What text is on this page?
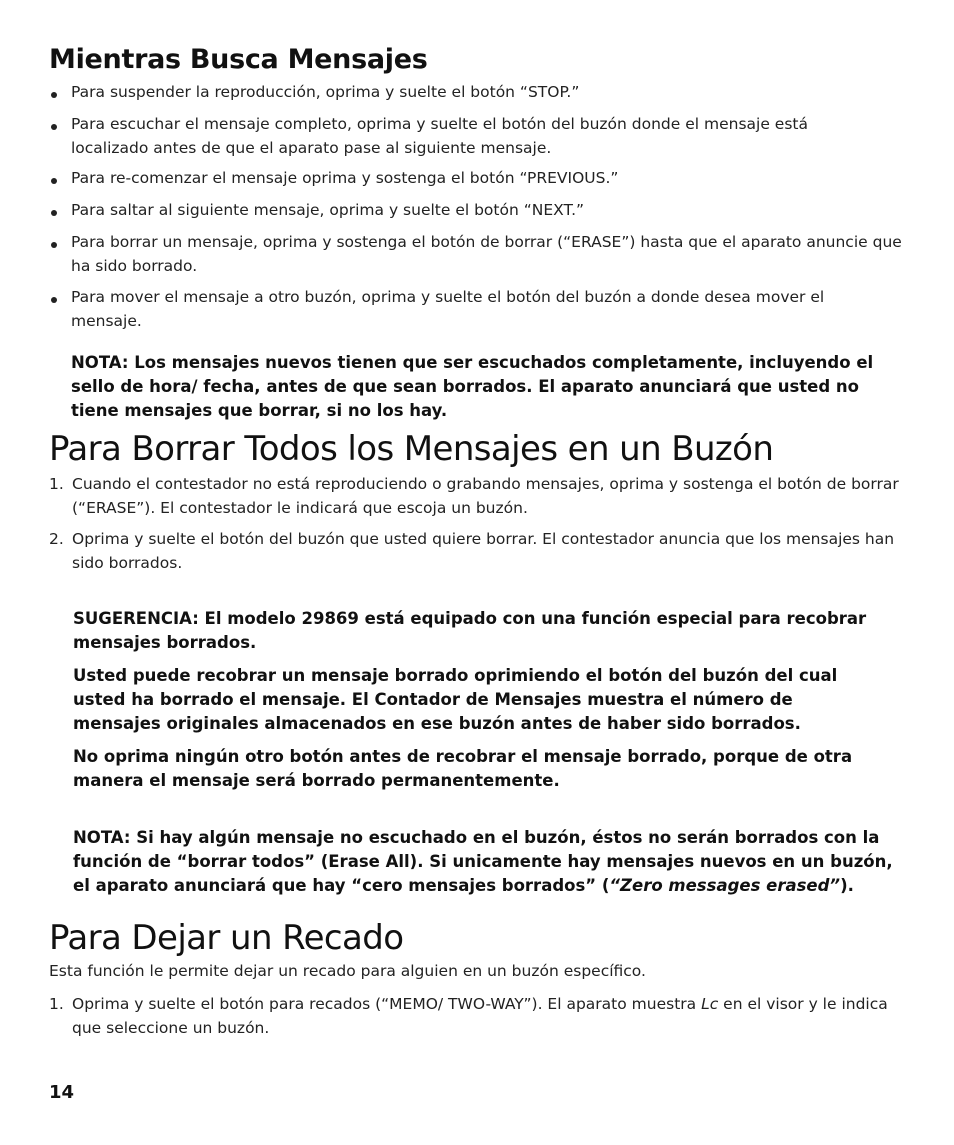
Mientras Busca Mensajes

Para suspender la reproducción, oprima y suelte el botón “STOP.”

Para escuchar el mensaje completo, oprima y suelte el botón del buzón donde el mensaje está localizado antes de que el aparato pase al siguiente mensaje.

Para re-comenzar el mensaje oprima y sostenga el botón “PREVIOUS.”

Para saltar al siguiente mensaje, oprima y suelte el botón “NEXT.”

Para borrar un mensaje, oprima y sostenga el botón de borrar (“ERASE”) hasta que el aparato anuncie que ha sido borrado.

Para mover el mensaje a otro buzón, oprima y suelte el botón del buzón a donde desea mover el mensaje.

NOTA: Los mensajes nuevos tienen que ser escuchados completamente, incluyendo el sello de hora/ fecha, antes de que sean borrados. El aparato anunciará que usted no tiene mensajes que borrar, si no los hay.

Para Borrar Todos los Mensajes en un Buzón
1. Cuando el contestador no está reproduciendo o grabando mensajes, oprima y sostenga el botón de borrar (“ERASE”). El contestador le indicará que escoja un buzón.

2. Oprima y suelte el botón del buzón que usted quiere borrar. El contestador anuncia que los mensajes han sido borrados.

SUGERENCIA: El modelo 29869 está equipado con una función especial para recobrar mensajes borrados.

Usted puede recobrar un mensaje borrado oprimiendo el botón del buzón del cual usted ha borrado el mensaje. El Contador de Mensajes muestra el número de mensajes originales almacenados en ese buzón antes de haber sido borrados.

No oprima ningún otro botón antes de recobrar el mensaje borrado, porque de otra manera el mensaje será borrado permanentemente.

NOTA: Si hay algún mensaje no escuchado en el buzón, éstos no serán borrados con la función de “borrar todos” (Erase All). Si unicamente hay mensajes nuevos en un buzón, el aparato anunciará que hay “cero mensajes borrados” (“Zero messages erased”).

Para Dejar un Recado

Esta función le permite dejar un recado para alguien en un buzón específico.

1. Oprima y suelte el botón para recados (“MEMO/ TWO-WAY”). El aparato muestra Lc en el visor y le indica que seleccione un buzón.

14
